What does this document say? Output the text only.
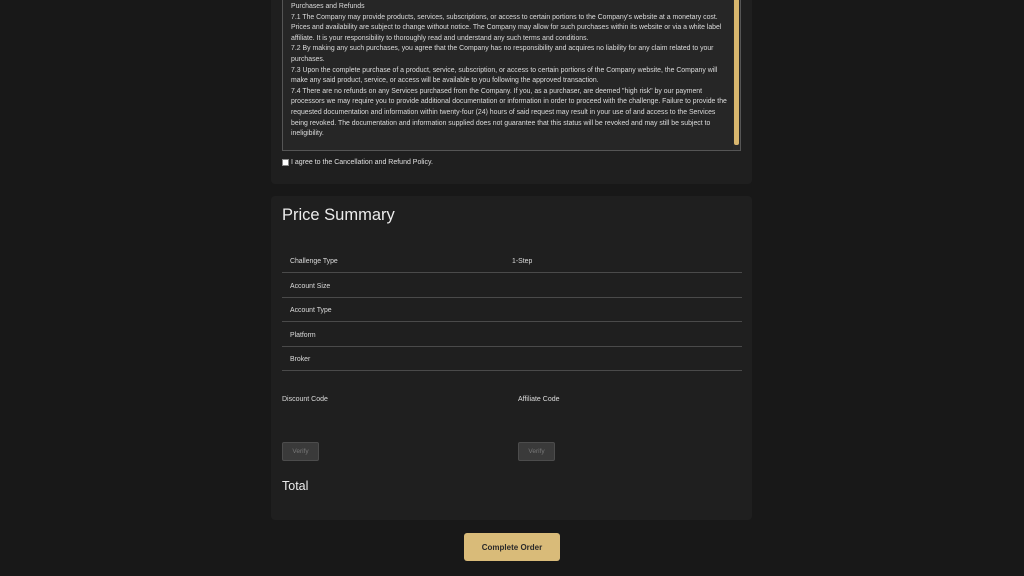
Purchases and Refunds

7.1 The Company may provide products, services, subscriptions, or access to certain portions to the Company's website at a monetary cost. Prices and availability are subject to change without notice. The Company may allow for such purchases within its website or via a white label affiliate. It is your responsibility to thoroughly read and understand any such terms and conditions.

7.2 By making any such purchases, you agree that the Company has no responsibility and acquires no liability for any claim related to your purchases.

7.3 Upon the complete purchase of a product, service, subscription, or access to certain portions of the Company website, the Company will make any said product, service, or access will be available to you following the approved transaction.

7.4 There are no refunds on any Services purchased from the Company. If you, as a purchaser, are deemed "high risk" by our payment processors we may require you to provide additional documentation or information in order to proceed with the challenge. Failure to provide the requested documentation and information within twenty-four (24) hours of said request may result in your use of and access to the Services being revoked. The documentation and information supplied does not guarantee that this status will be revoked and may still be subject to ineligibility.

I agree to the Cancellation and Refund Policy.
Price Summary
Challenge Type	1-Step
Account Size
Account Type
Platform
Broker
Discount Code	Affiliate Code
Verify	Verify
Total
Complete Order
